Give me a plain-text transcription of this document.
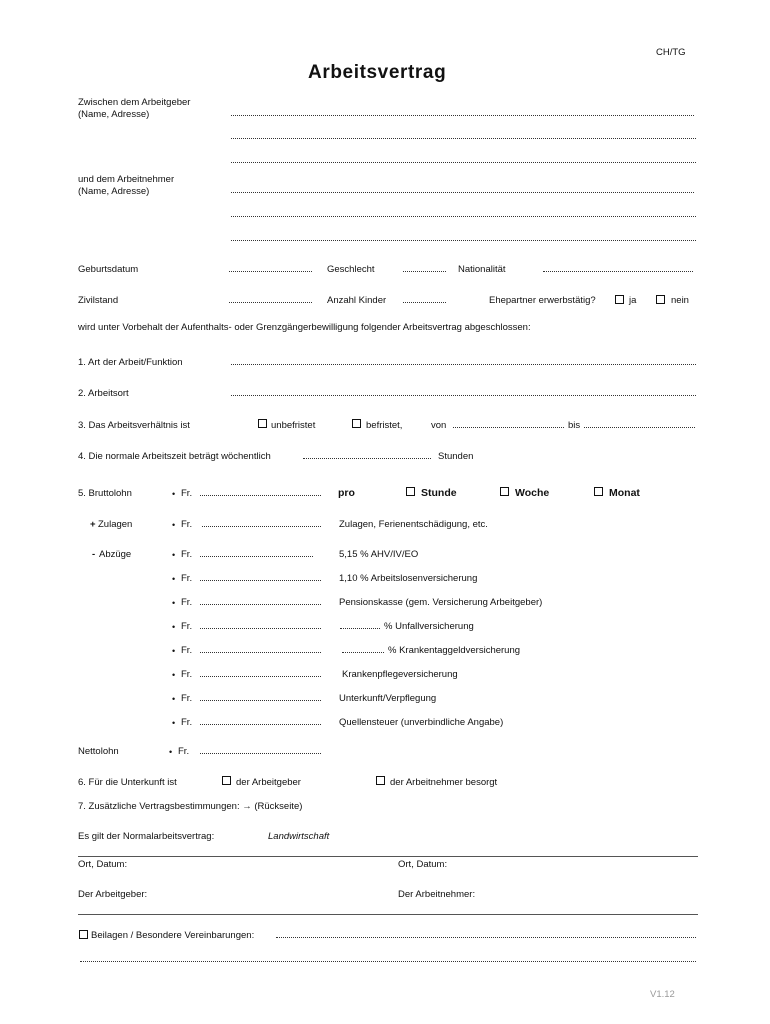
CH/TG
Arbeitsvertrag
Zwischen dem Arbeitgeber
(Name, Adresse)
und dem Arbeitnehmer
(Name, Adresse)
Geburtsdatum	Geschlecht	Nationalität
Zivilstand	Anzahl Kinder	Ehepartner erwerbstätig?	ja	nein
wird unter Vorbehalt der Aufenthalts- oder Grenzgängerbewilligung folgender Arbeitsvertrag abgeschlossen:
1. Art der Arbeit/Funktion
2. Arbeitsort
3. Das Arbeitsverhältnis ist	unbefristet	befristet,	von	bis
4. Die normale Arbeitszeit beträgt wöchentlich	Stunden
5. Bruttolohn	• Fr.	pro	Stunde	Woche	Monat
+ Zulagen	• Fr.	Zulagen, Ferienentschädigung, etc.
- Abzüge	• Fr.	5,15 % AHV/IV/EO
• Fr.	1,10 % Arbeitslosenversicherung
• Fr.	Pensionskasse (gem. Versicherung Arbeitgeber)
• Fr.	% Unfallversicherung
• Fr.	% Krankentaggeldversicherung
• Fr.	Krankenpflegeversicherung
• Fr.	Unterkunft/Verpflegung
• Fr.	Quellensteuer (unverbindliche Angabe)
Nettolohn	• Fr.
6. Für die Unterkunft ist	der Arbeitgeber	der Arbeitnehmer besorgt
7. Zusätzliche Vertragsbestimmungen: → (Rückseite)
Es gilt der Normalarbeitsvertrag:	Landwirtschaft
Ort, Datum:	Ort, Datum:
Der Arbeitgeber:	Der Arbeitnehmer:
Beilagen / Besondere Vereinbarungen:
V1.12
